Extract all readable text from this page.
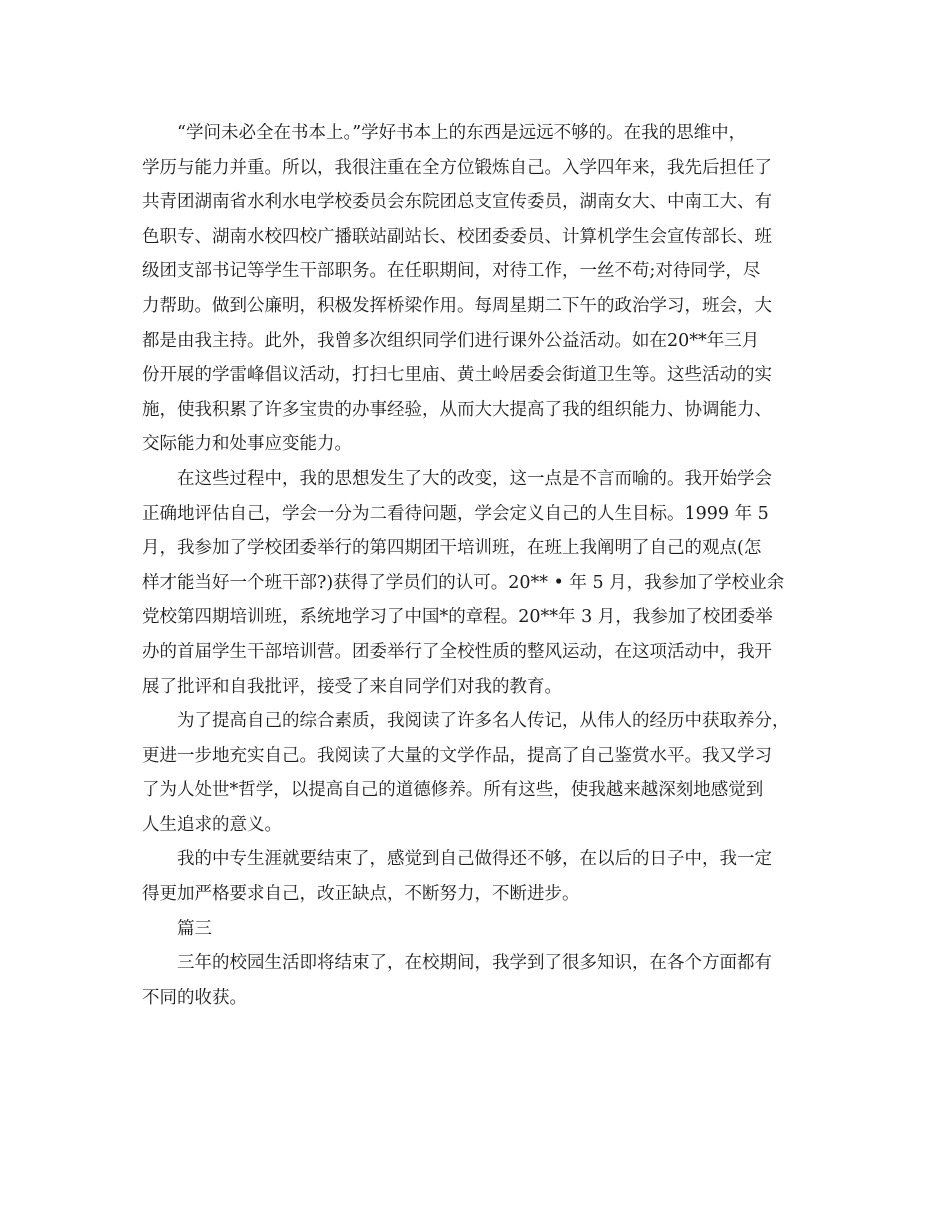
“学问未必全在书本上。”学好书本上的东西是远远不够的。在我的思维中，
学历与能力并重。所以，我很注重在全方位锻炼自己。入学四年来，我先后担任了
共青团湖南省水利水电学校委员会东院团总支宣传委员，湖南女大、中南工大、有
色职专、湖南水校四校广播联站副站长、校团委委员、计算机学生会宣传部长、班
级团支部书记等学生干部职务。在任职期间，对待工作，一丝不苟;对待同学，尽
力帮助。做到公廉明，积极发挥桥梁作用。每周星期二下午的政治学习，班会，大
都是由我主持。此外，我曾多次组织同学们进行课外公益活动。如在20**年三月
份开展的学雷峰倡议活动，打扫七里庙、黄土岭居委会街道卫生等。这些活动的实
施，使我积累了许多宝贵的办事经验，从而大大提高了我的组织能力、协调能力、
交际能力和处事应变能力。
在这些过程中，我的思想发生了大的改变，这一点是不言而喻的。我开始学会
正确地评估自己，学会一分为二看待问题，学会定义自己的人生目标。1999 年 5
月，我参加了学校团委举行的第四期团干培训班，在班上我阐明了自己的观点(怎
样才能当好一个班干部?)获得了学员们的认可。20** • 年 5 月，我参加了学校业余
党校第四期培训班，系统地学习了中国*的章程。20**年 3 月，我参加了校团委举
办的首届学生干部培训营。团委举行了全校性质的整风运动，在这项活动中，我开
展了批评和自我批评，接受了来自同学们对我的教育。
为了提高自己的综合素质，我阅读了许多名人传记，从伟人的经历中获取养分，
更进一步地充实自己。我阅读了大量的文学作品，提高了自己鉴赏水平。我又学习
了为人处世*哲学，以提高自己的道德修养。所有这些，使我越来越深刻地感觉到
人生追求的意义。
我的中专生涯就要结束了，感觉到自己做得还不够，在以后的日子中，我一定
得更加严格要求自己，改正缺点，不断努力，不断进步。
篇三
三年的校园生活即将结束了，在校期间，我学到了很多知识，在各个方面都有
不同的收获。
